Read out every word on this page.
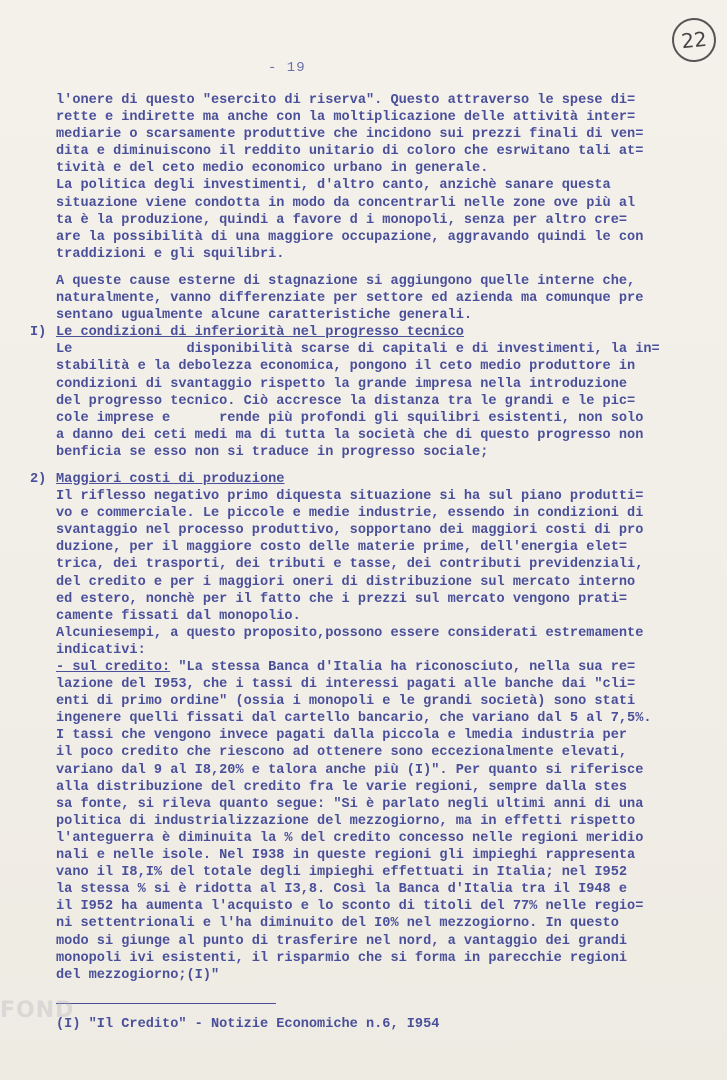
22
- 19

l'onere di questo "esercito di riserva". Questo attraverso le spese di=

rette e indirette ma anche con la moltiplicazione delle attività inter=

mediarie o scarsamente produttive che incidono sui prezzi finali di ven=

dita e diminuiscono il reddito unitario di coloro che esrwitano tali at=

tività e del ceto medio economico urbano in generale.

La politica degli investimenti, d'altro canto, anzichè sanare questa

situazione viene condotta in modo da concentrarli nelle zone ove più al

ta è la produzione, quindi a favore d i monopoli, senza per altro cre=

are la possibilità di una maggiore occupazione, aggravando quindi le con

traddizioni e gli squilibri.

A queste cause esterne di stagnazione si aggiungono quelle interne che,

naturalmente, vanno differenziate per settore ed azienda ma comunque pre

sentano ugualmente alcune caratteristiche generali.

I) Le condizioni di inferiorità nel progresso tecnico

Le              disponibilità scarse di capitali e di investimenti, la in=

stabilità e la debolezza economica, pongono il ceto medio produttore in

condizioni di svantaggio rispetto la grande impresa nella introduzione

del progresso tecnico. Ciò accresce la distanza tra le grandi e le pic=

cole imprese e      rende più profondi gli squilibri esistenti, non solo

a danno dei ceti medi ma di tutta la società che di questo progresso non

benficia se esso non si traduce in progresso sociale;

2) Maggiori costi di produzione

Il riflesso negativo primo diquesta situazione si ha sul piano produtti=

vo e commerciale. Le piccole e medie industrie, essendo in condizioni di

svantaggio nel processo produttivo, sopportano dei maggiori costi di pro

duzione, per il maggiore costo delle materie prime, dell'energia elet=

trica, dei trasporti, dei tributi e tasse, dei contributi previdenziali,

del credito e per i maggiori oneri di distribuzione sul mercato interno

ed estero, nonchè per il fatto che i prezzi sul mercato vengono prati=

camente fissati dal monopolio.

Alcuniesempi, a questo proposito,possono essere considerati estremamente

indicativi:

- sul credito: "La stessa Banca d'Italia ha riconosciuto, nella sua re=

lazione del I953, che i tassi di interessi pagati alle banche dai "cli=

enti di primo ordine" (ossia i monopoli e le grandi società) sono stati

ingenere quelli fissati dal cartello bancario, che variano dal 5 al 7,5%.

I tassi che vengono invece pagati dalla piccola e lmedia industria per

il poco credito che riescono ad ottenere sono eccezionalmente elevati,

variano dal 9 al I8,20% e talora anche più (I)". Per quanto si riferisce

alla distribuzione del credito fra le varie regioni, sempre dalla stes

sa fonte, si rileva quanto segue: "Si è parlato negli ultimi anni di una

politica di industrializzazione del mezzogiorno, ma in effetti rispetto

l'anteguerra è diminuita la % del credito concesso nelle regioni meridio

nali e nelle isole. Nel I938 in queste regioni gli impieghi rappresenta

vano il I8,I% del totale degli impieghi effettuati in Italia; nel I952

la stessa % si è ridotta al I3,8. Così la Banca d'Italia tra il I948 e

il I952 ha aumenta l'acquisto e lo sconto di titoli del 77% nelle regio=

ni settentrionali e l'ha diminuito del I0% nel mezzogiorno. In questo

modo si giunge al punto di trasferire nel nord, a vantaggio dei grandi

monopoli ivi esistenti, il risparmio che si forma in parecchie regioni

del mezzogiorno;(I)"

(I) "Il Credito" - Notizie Economiche n.6, I954
FOND
